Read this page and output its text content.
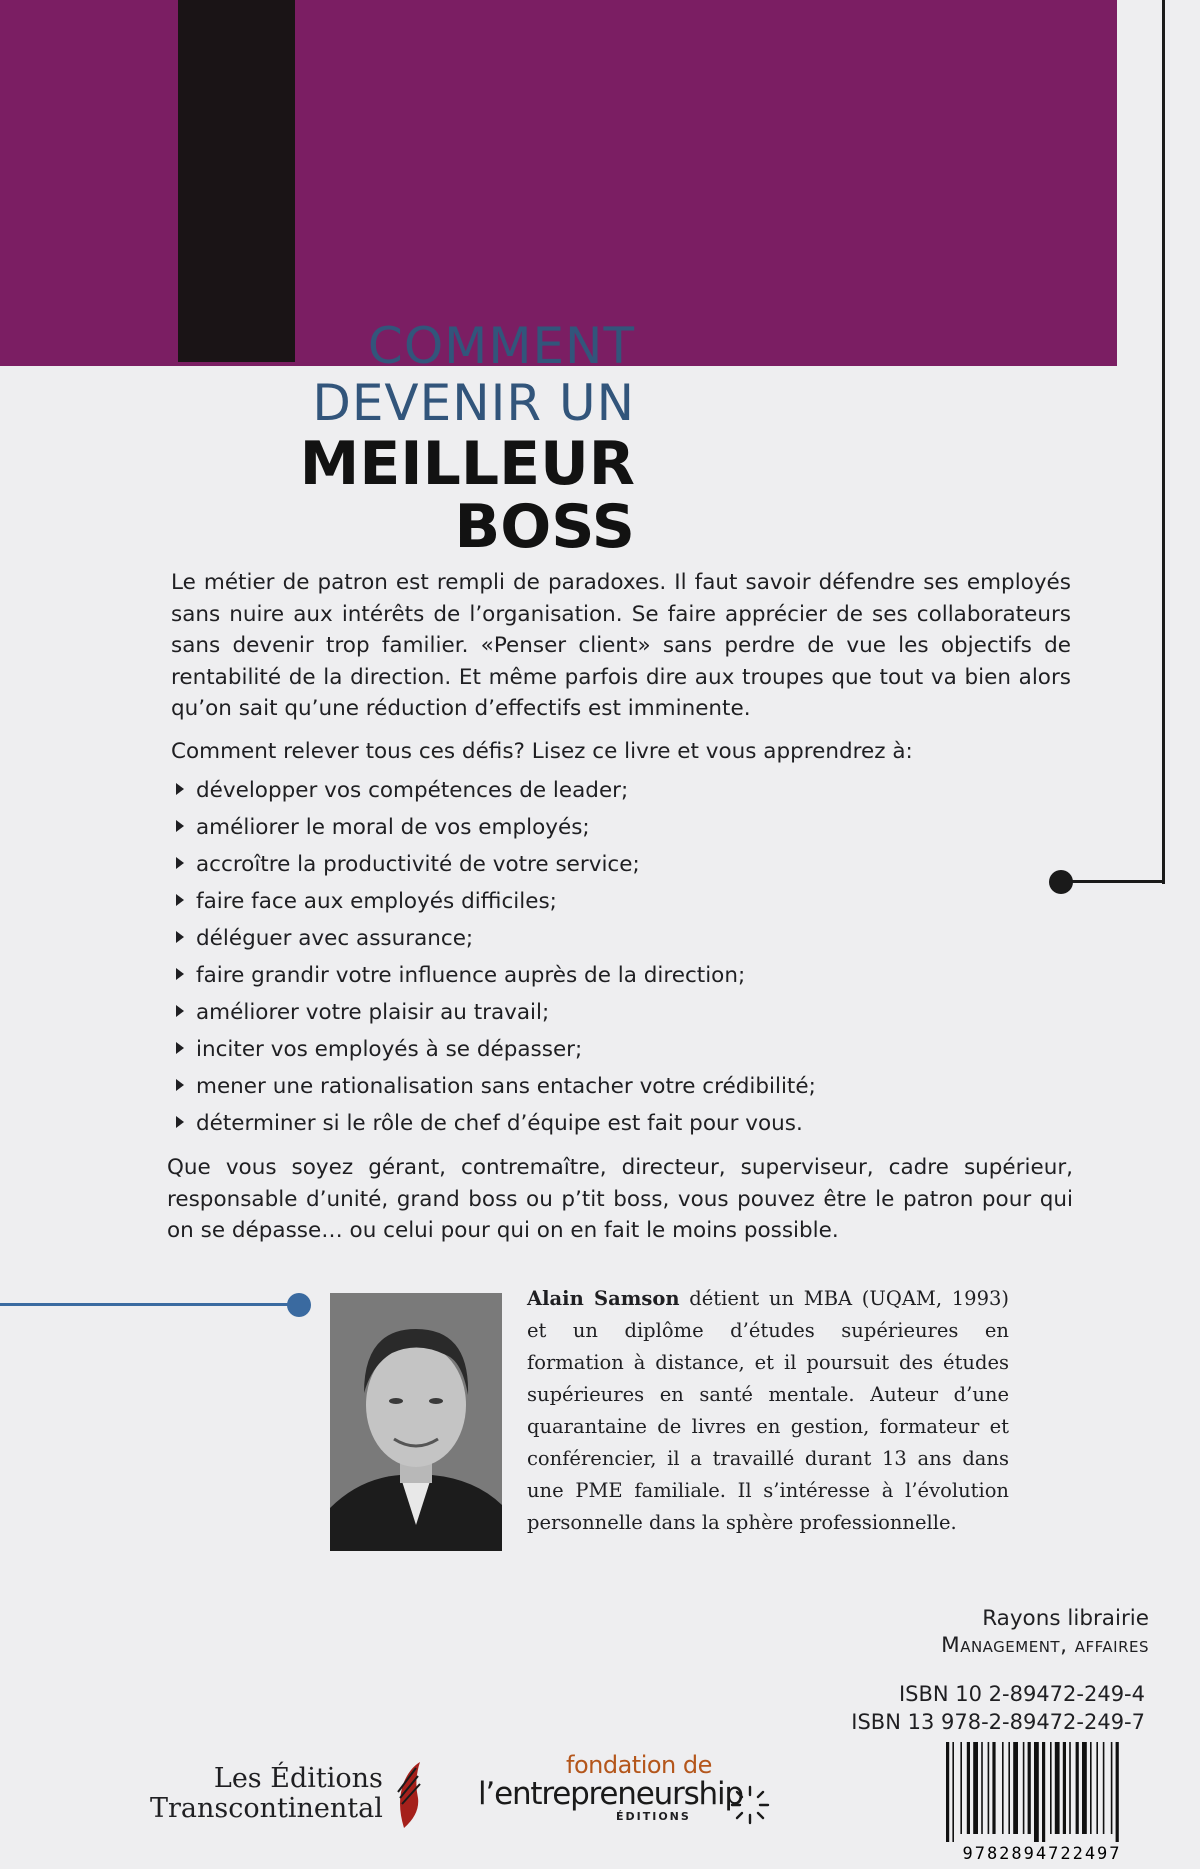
COMMENT
DEVENIR UN
MEILLEUR
BOSS

Le métier de patron est rempli de paradoxes. Il faut savoir défendre ses employés sans nuire aux intérêts de l’organisation. Se faire apprécier de ses collaborateurs sans devenir trop familier. «Penser client» sans perdre de vue les objectifs de rentabilité de la direction. Et même parfois dire aux troupes que tout va bien alors qu’on sait qu’une réduction d’effectifs est imminente.

Comment relever tous ces défis? Lisez ce livre et vous apprendrez à:

développer vos compétences de leader;
améliorer le moral de vos employés;
accroître la productivité de votre service;
faire face aux employés difficiles;
déléguer avec assurance;
faire grandir votre influence auprès de la direction;
améliorer votre plaisir au travail;
inciter vos employés à se dépasser;
mener une rationalisation sans entacher votre crédibilité;
déterminer si le rôle de chef d’équipe est fait pour vous.

Que vous soyez gérant, contremaître, directeur, superviseur, cadre supérieur, responsable d’unité, grand boss ou p’tit boss, vous pouvez être le patron pour qui on se dépasse… ou celui pour qui on en fait le moins possible.

Alain Samson détient un MBA (UQAM, 1993) et un diplôme d’études supérieures en formation à distance, et il poursuit des études supérieures en santé mentale. Auteur d’une quarantaine de livres en gestion, formateur et conférencier, il a travaillé durant 13 ans dans une PME familiale. Il s’intéresse à l’évolution personnelle dans la sphère professionnelle.

Rayons librairie
Management, affaires
ISBN 10 2-89472-249-4
ISBN 13 978-2-89472-249-7
9782894722497
Les Éditions
Transcontinental
fondation de
l’entrepreneurship
ÉDITIONS
